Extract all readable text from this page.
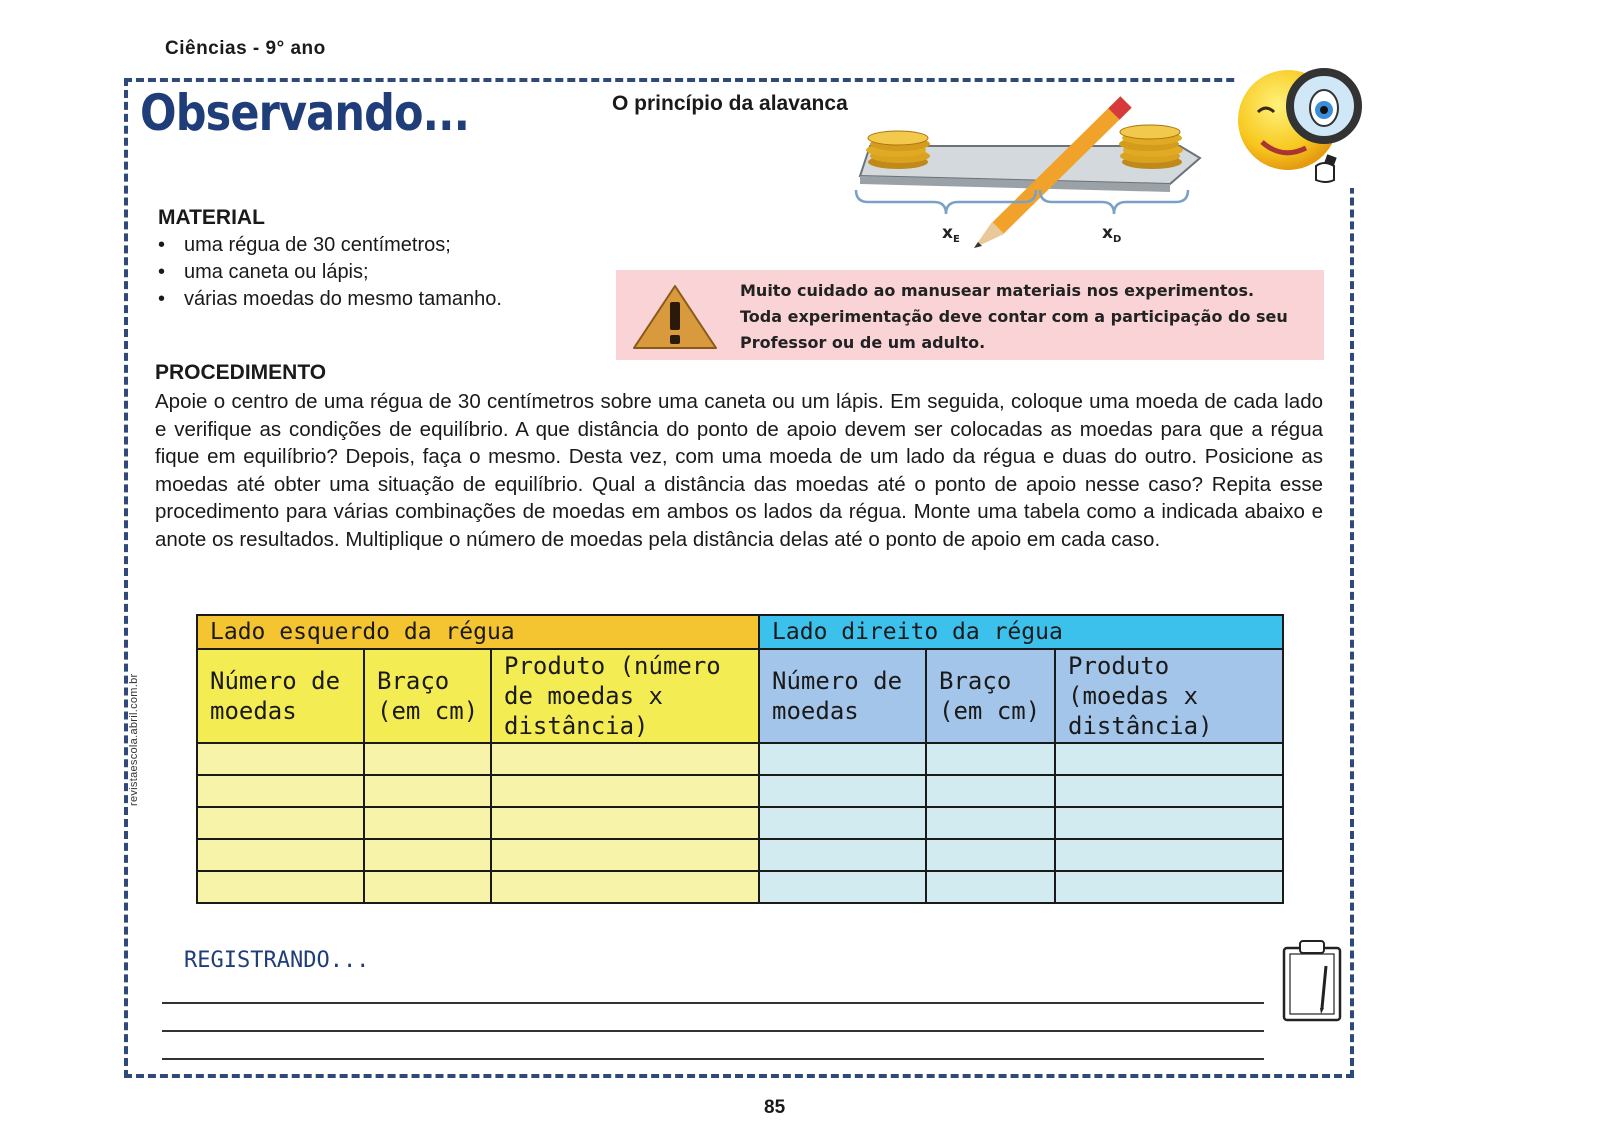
Ciências - 9° ano
Observando...	O princípio da alavanca
$x_E$	$x_D$
MATERIAL
• uma régua de 30 centímetros;
• uma caneta ou lápis;
• várias moedas do mesmo tamanho.	Muito cuidado ao manusear materiais nos experimentos.
Toda experimentação deve contar com a participação do seu
Professor ou de um adulto.
PROCEDIMENTO
Apoie o centro de uma régua de 30 centímetros sobre uma caneta ou um lápis. Em seguida, coloque uma moeda de cada lado e verifique as condições de equilíbrio. A que distância do ponto de apoio devem ser colocadas as moedas para que a régua fique em equilíbrio? Depois, faça o mesmo. Desta vez, com uma moeda de um lado da régua e duas do outro. Posicione as moedas até obter uma situação de equilíbrio. Qual a distância das moedas até o ponto de apoio nesse caso? Repita esse procedimento para várias combinações de moedas em ambos os lados da régua. Monte uma tabela como a indicada abaixo e anote os resultados. Multiplique o número de moedas pela distância delas até o ponto de apoio em cada caso.
Lado esquerdo da régua			Lado direito da régua		
Número de moedas	Braço (em cm)	Produto (número de moedas x distância)	Número de moedas	Braço (em cm)	Produto (moedas x distância)

REGISTRANDO...
revistaescola.abril.com.br
85
